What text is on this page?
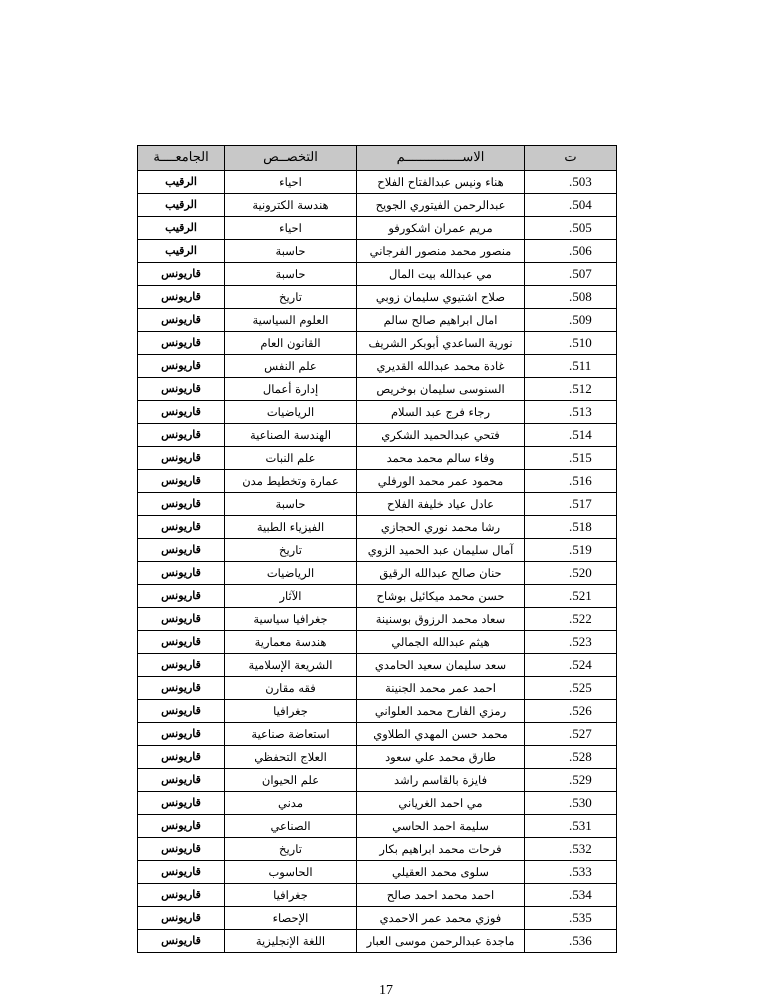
ت	الاســـــــــــــــم	التخصــص	الجامعــــة
.503	هناء ونيس عبدالفتاح الفلاح	احياء	الرقيب
.504	عبدالرحمن الفيتوري الجويح	هندسة الكترونية	الرقيب
.505	مريم عمران اشكورفو	احياء	الرقيب
.506	منصور محمد منصور الفرجاني	حاسبة	الرقيب
.507	مي عبدالله بيت المال	حاسبة	قاريونس
.508	صلاح اشتيوي سليمان زوبي	تاريخ	قاريونس
.509	امال ابراهيم صالح سالم	العلوم السياسية	قاريونس
.510	نورية الساعدي أبوبكر الشريف	القانون العام	قاريونس
.511	غادة محمد عبدالله القديري	علم النفس	قاريونس
.512	السنوسى سليمان بوخريص	إدارة أعمال	قاريونس
.513	رجاء فرج عبد السلام	الرياضيات	قاريونس
.514	فتحي عبدالحميد الشكري	الهندسة الصناعية	قاريونس
.515	وفاء سالم محمد محمد	علم النبات	قاريونس
.516	محمود عمر محمد الورفلي	عمارة وتخطيط مدن	قاريونس
.517	عادل عياد خليفة الفلاح	حاسبة	قاريونس
.518	رشا محمد نوري الحجازي	الفيزياء الطبية	قاريونس
.519	آمال سليمان عبد الحميد الزوي	تاريخ	قاريونس
.520	حنان صالح عبدالله الرقيق	الرياضيات	قاريونس
.521	حسن محمد ميكائيل بوشاح	الآثار	قاريونس
.522	سعاد محمد الرزوق بوسنينة	جغرافيا سياسية	قاريونس
.523	هيثم عبدالله الجمالي	هندسة معمارية	قاريونس
.524	سعد سليمان سعيد الحامدي	الشريعة الإسلامية	قاريونس
.525	احمد عمر محمد الجنينة	فقه مقارن	قاريونس
.526	رمزي الفارح محمد العلواني	جغرافيا	قاريونس
.527	محمد حسن المهدي الطلاوي	استعاضة صناعية	قاريونس
.528	طارق محمد علي سعود	العلاج التحفظي	قاريونس
.529	فايزة بالقاسم راشد	علم الحيوان	قاريونس
.530	مي احمد الغرياني	مدني	قاريونس
.531	سليمة احمد الحاسي	الصناعي	قاريونس
.532	فرحات محمد ابراهيم بكار	تاريخ	قاريونس
.533	سلوى محمد العقيلي	الحاسوب	قاريونس
.534	احمد محمد احمد صالح	جغرافيا	قاريونس
.535	فوزي محمد عمر الاحمدي	الإحصاء	قاريونس
.536	ماجدة عبدالرحمن موسى العبار	اللغة الإنجليزية	قاريونس
17
